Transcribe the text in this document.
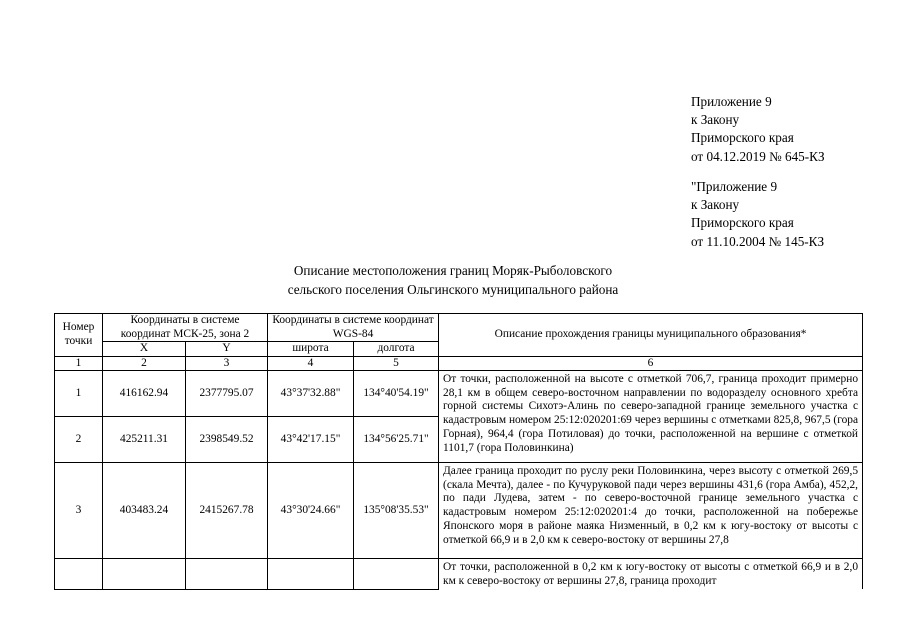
Приложение 9
к Закону
Приморского края
от 04.12.2019 № 645-КЗ
"Приложение 9
к Закону
Приморского края
от 11.10.2004 № 145-КЗ
Описание местоположения границ Моряк-Рыболовского
сельского поселения Ольгинского муниципального района
Номер точки	Координаты в системе координат МСК-25, зона 2		Координаты в системе координат WGS-84		Описание прохождения границы муниципального образования*
	X	Y	широта	долгота	
1	2	3	4	5	6
1	416162.94	2377795.07	43°37'32.88"	134°40'54.19"	От точки, расположенной на высоте с отметкой 706,7, граница проходит примерно 28,1 км в общем северо-восточном направлении по водоразделу основного хребта горной системы Сихотэ-Алинь по северо-западной границе земельного участка с кадастровым номером 25:12:020201:69 через вершины с отметками 825,8, 967,5 (гора Горная), 964,4 (гора Потиловая) до точки, расположенной на вершине с отметкой 1101,7 (гора Половинкина)
2	425211.31	2398549.52	43°42'17.15"	134°56'25.71"	
3	403483.24	2415267.78	43°30'24.66"	135°08'35.53"	Далее граница проходит по руслу реки Половинкина, через высоту с отметкой 269,5 (скала Мечта), далее - по Кучуруковой пади через вершины 431,6 (гора Амба), 452,2, по пади Лудева, затем - по северо-восточной границе земельного участка с кадастровым номером 25:12:020201:4 до точки, расположенной на побережье Японского моря в районе маяка Низменный, в 0,2 км к югу-востоку от высоты с отметкой 66,9 и в 2,0 км к северо-востоку от вершины 27,8
					От точки, расположенной в 0,2 км к югу-востоку от высоты с отметкой 66,9 и в 2,0 км к северо-востоку от вершины 27,8, граница проходит
